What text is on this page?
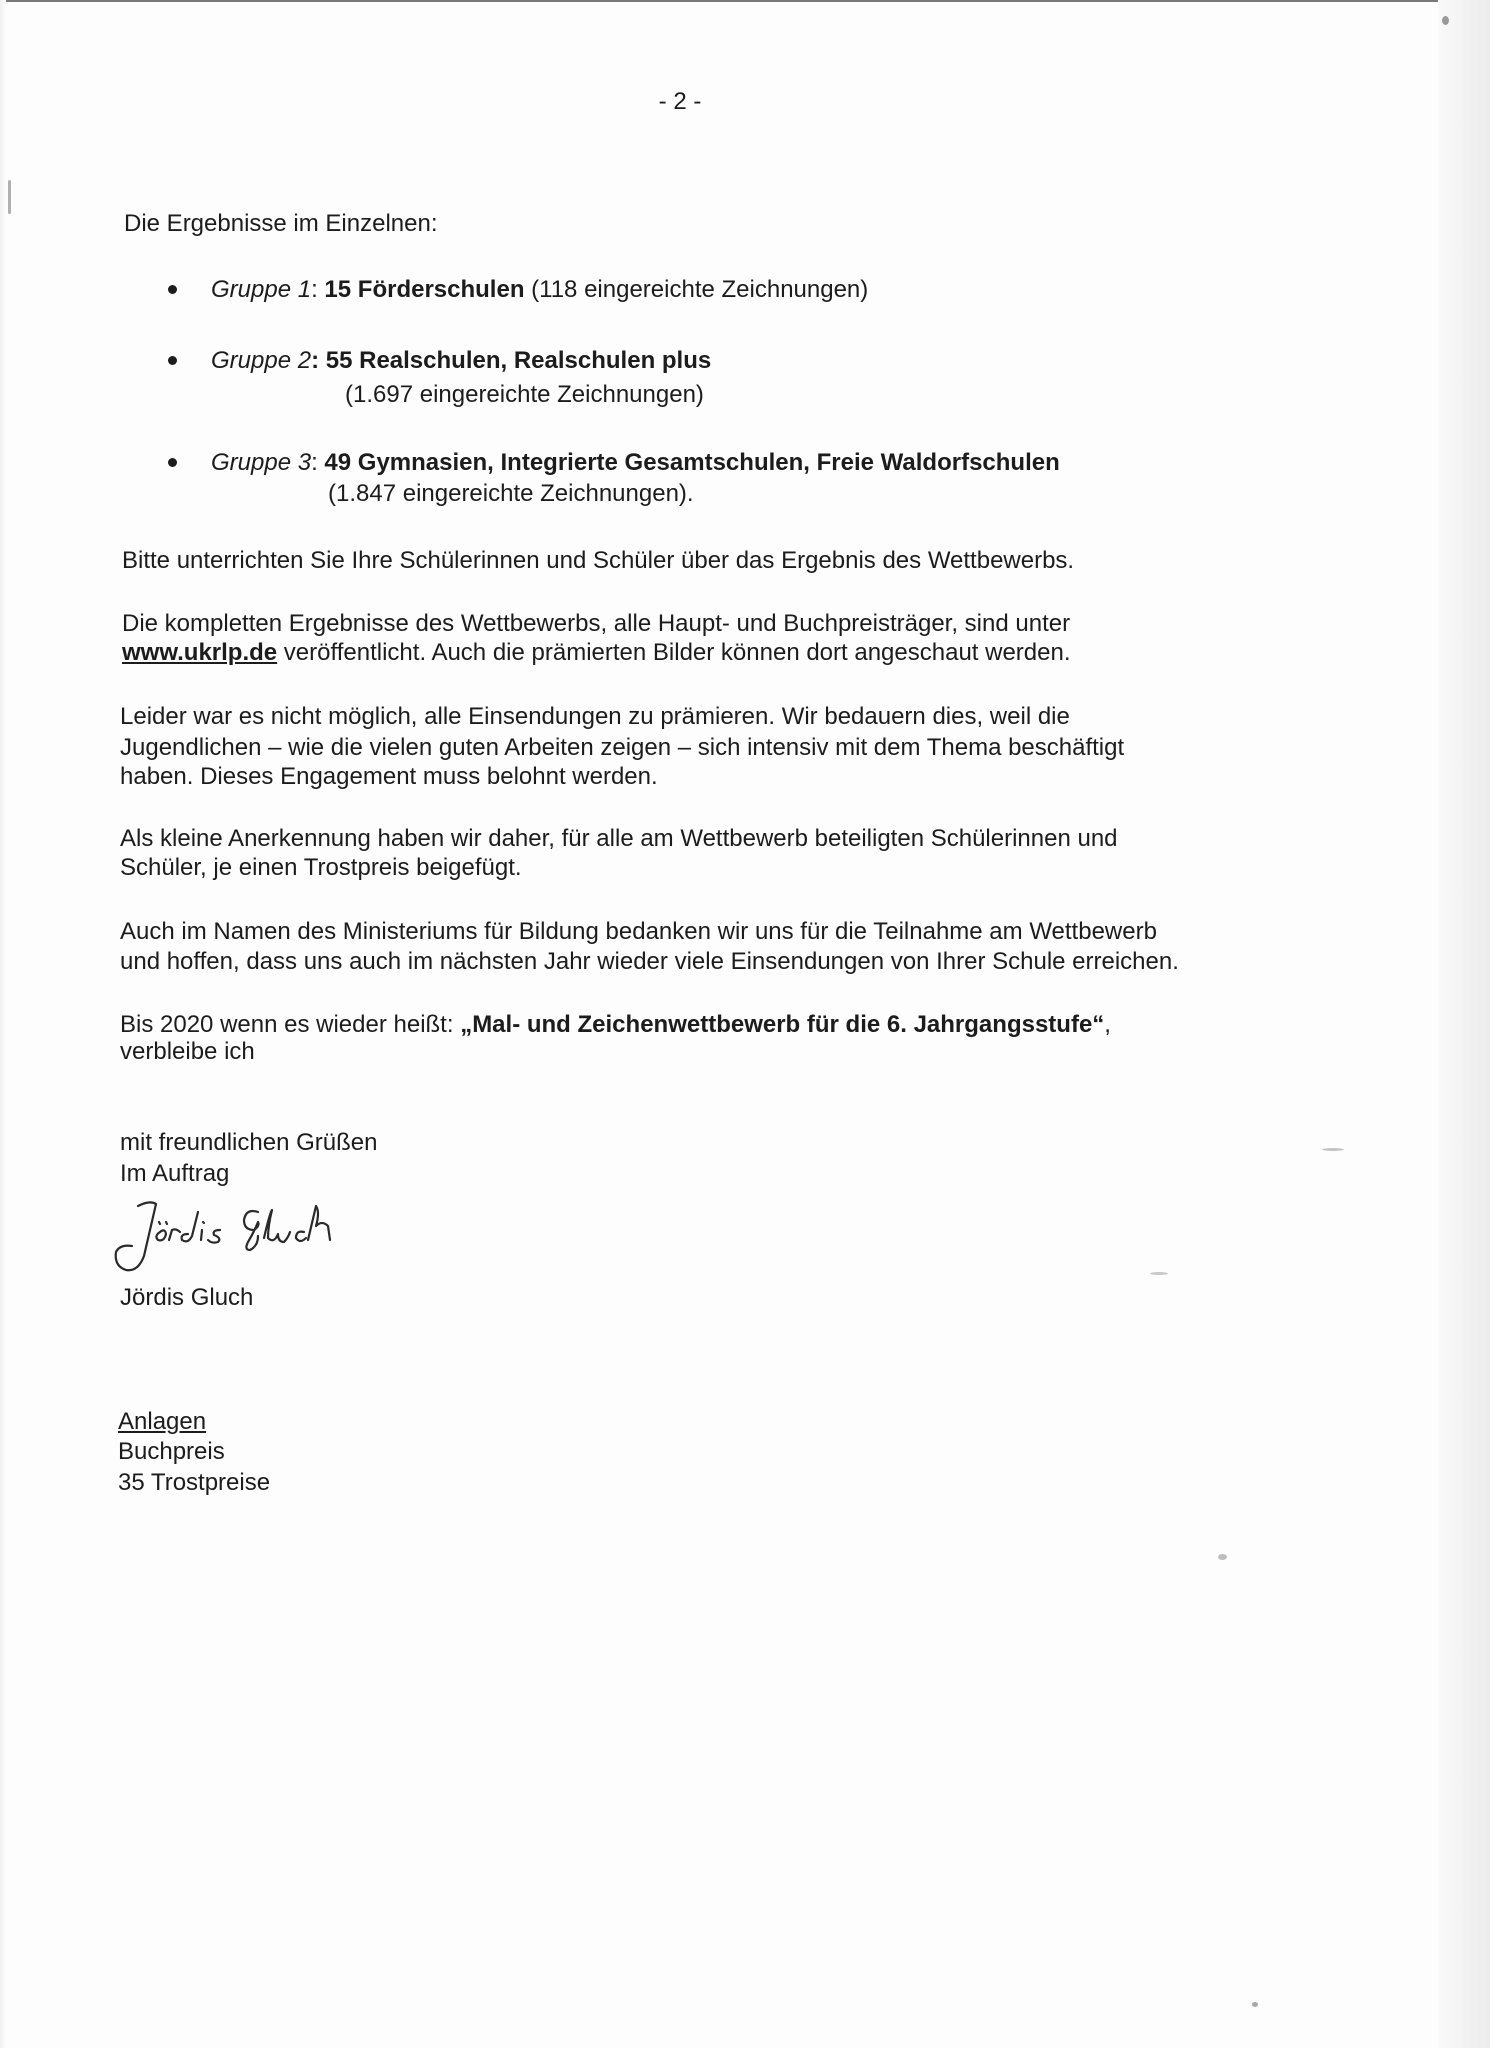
- 2 -
Die Ergebnisse im Einzelnen:
Gruppe 1: 15 Förderschulen (118 eingereichte Zeichnungen)
Gruppe 2: 55 Realschulen, Realschulen plus
(1.697 eingereichte Zeichnungen)
Gruppe 3: 49 Gymnasien, Integrierte Gesamtschulen, Freie Waldorfschulen
(1.847 eingereichte Zeichnungen).
Bitte unterrichten Sie Ihre Schülerinnen und Schüler über das Ergebnis des Wettbewerbs.
Die kompletten Ergebnisse des Wettbewerbs, alle Haupt- und Buchpreisträger, sind unter
www.ukrlp.de veröffentlicht. Auch die prämierten Bilder können dort angeschaut werden.
Leider war es nicht möglich, alle Einsendungen zu prämieren. Wir bedauern dies, weil die
Jugendlichen – wie die vielen guten Arbeiten zeigen – sich intensiv mit dem Thema beschäftigt
haben. Dieses Engagement muss belohnt werden.
Als kleine Anerkennung haben wir daher, für alle am Wettbewerb beteiligten Schülerinnen und
Schüler, je einen Trostpreis beigefügt.
Auch im Namen des Ministeriums für Bildung bedanken wir uns für die Teilnahme am Wettbewerb
und hoffen, dass uns auch im nächsten Jahr wieder viele Einsendungen von Ihrer Schule erreichen.
Bis 2020 wenn es wieder heißt: „Mal- und Zeichenwettbewerb für die 6. Jahrgangsstufe“,
verbleibe ich
mit freundlichen Grüßen
Im Auftrag
Jördis Gluch
Anlagen
Buchpreis
35 Trostpreise
